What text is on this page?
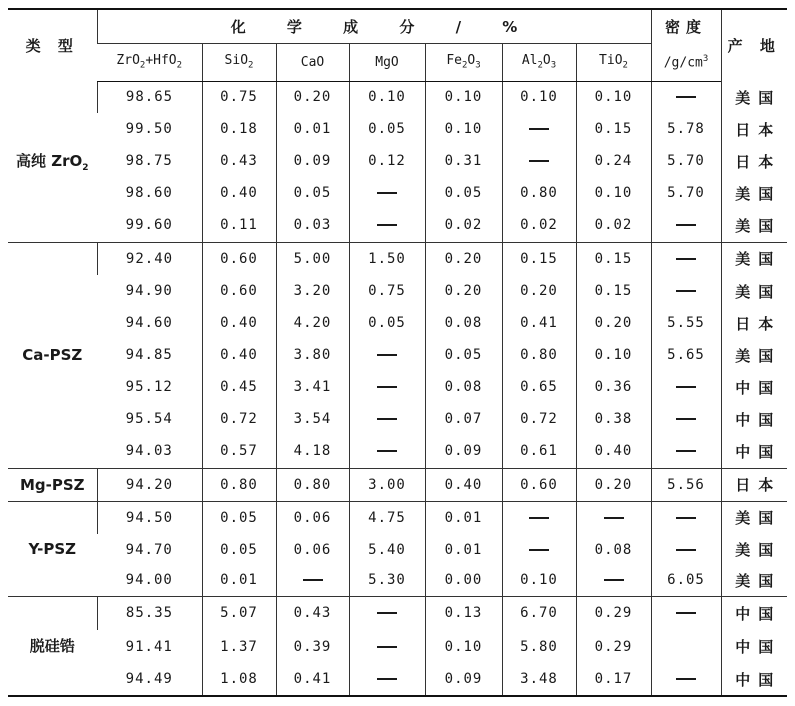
类 型	化 学 成 分 / %							密度	产 地
	ZrO$_2$+HfO$_2$	SiO$_2$	CaO	MgO	$Fe_2O_3$	$Al_2O_3$	TiO$_2$	$/g/cm^3$
高纯 ZrO$_2$	98.65	0.75	0.20	0.10	0.10	0.10	0.10		美国
	99.50	0.18	0.01	0.05	0.10		0.15	5.78	日本
	98.75	0.43	0.09	0.12	0.31		0.24	5.70	日本
	98.60	0.40	0.05		0.05	0.80	0.10	5.70	美国
	99.60	0.11	0.03		0.02	0.02	0.02		美国
Ca-PSZ	92.40	0.60	5.00	1.50	0.20	0.15	0.15		美国
	94.90	0.60	3.20	0.75	0.20	0.20	0.15		美国
	94.60	0.40	4.20	0.05	0.08	0.41	0.20	5.55	日本
	94.85	0.40	3.80		0.05	0.80	0.10	5.65	美国
	95.12	0.45	3.41		0.08	0.65	0.36		中国
	95.54	0.72	3.54		0.07	0.72	0.38		中国
	94.03	0.57	4.18		0.09	0.61	0.40		中国
Mg-PSZ	94.20	0.80	0.80	3.00	0.40	0.60	0.20	5.56	日本
Y-PSZ	94.50	0.05	0.06	4.75	0.01				美国
	94.70	0.05	0.06	5.40	0.01		0.08		美国
	94.00	0.01		5.30	0.00	0.10		6.05	美国
脱硅锆	85.35	5.07	0.43		0.13	6.70	0.29		中国
	91.41	1.37	0.39		0.10	5.80	0.29		中国
	94.49	1.08	0.41		0.09	3.48	0.17		中国
